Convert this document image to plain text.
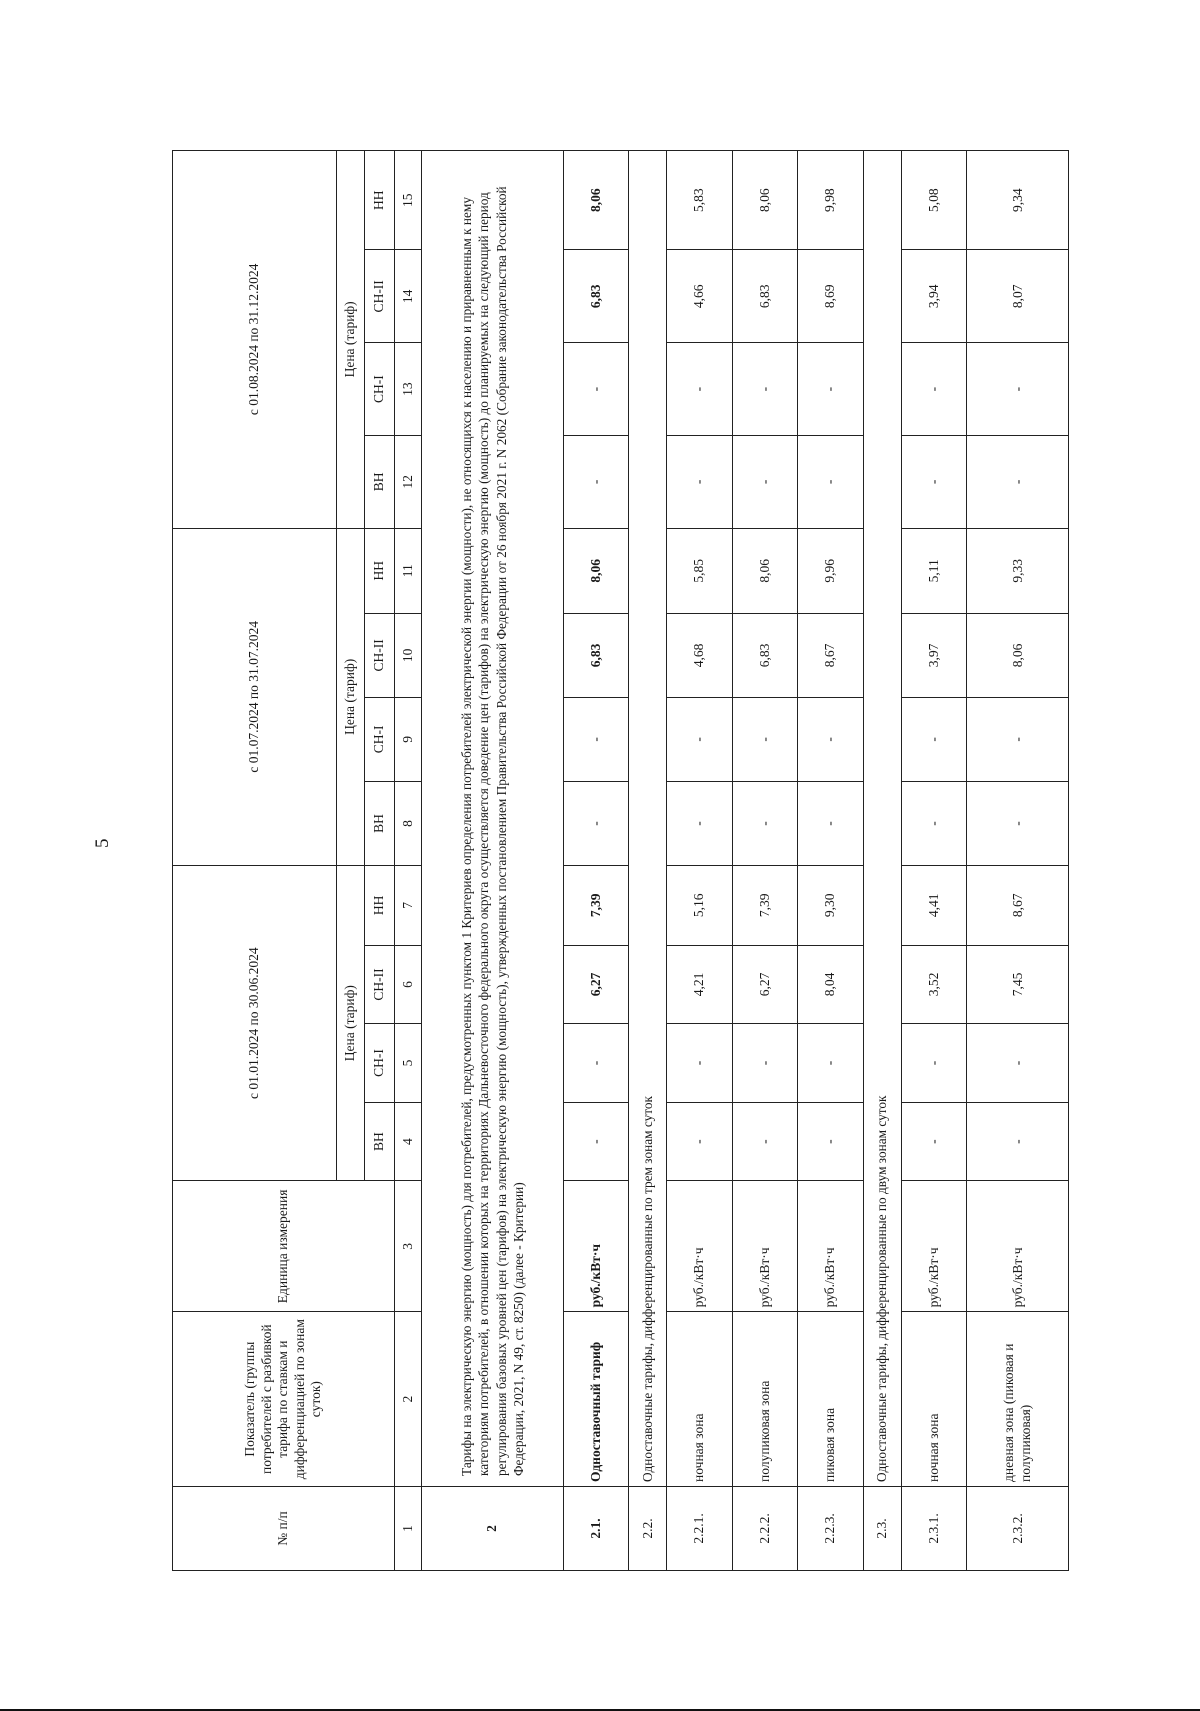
5
№ п/п	Показатель (группы потребителей с разбивкой тарифа по ставкам и дифференциацией по зонам суток)	Единица измерения	с 01.01.2024 по 30.06.2024				с 01.07.2024 по 31.07.2024				с 01.08.2024 по 31.12.2024			
			Цена (тариф)				Цена (тариф)				Цена (тариф)			
			ВН	СН-I	СН-II	НН	ВН	СН-I	СН-II	НН	ВН	СН-I	СН-II	НН
1	2	3	4	5	6	7	8	9	10	11	12	13	14	15
2	Тарифы на электрическую энергию (мощность) для потребителей, предусмотренных пунктом 1 Критериев определения потребителей электрической энергии (мощности), не относящихся к населению и приравненным к нему категориям потребителей, в отношении которых на территориях Дальневосточного федерального округа осуществляется доведение цен (тарифов) на электрическую энергию (мощность) до планируемых на следующий период регулирования базовых уровней цен (тарифов) на электрическую энергию (мощность), утвержденных постановлением Правительства Российской Федерации от 26 ноября 2021 г. N 2062 (Собрание законодательства Российской Федерации, 2021, N 49, ст. 8250) (далее - Критерии)													
2.1.	Одноставочный тариф	руб./кВт·ч	-	-	6,27	7,39	-	-	6,83	8,06	-	-	6,83	8,06
2.2.	Одноставочные тарифы, дифференцированные по трем зонам суток													
2.2.1.	ночная зона	руб./кВт·ч	-	-	4,21	5,16	-	-	4,68	5,85	-	-	4,66	5,83
2.2.2.	полупиковая зона	руб./кВт·ч	-	-	6,27	7,39	-	-	6,83	8,06	-	-	6,83	8,06
2.2.3.	пиковая зона	руб./кВт·ч	-	-	8,04	9,30	-	-	8,67	9,96	-	-	8,69	9,98
2.3.	Одноставочные тарифы, дифференцированные по двум зонам суток													
2.3.1.	ночная зона	руб./кВт·ч	-	-	3,52	4,41	-	-	3,97	5,11	-	-	3,94	5,08
2.3.2.	дневная зона (пиковая и полупиковая)	руб./кВт·ч	-	-	7,45	8,67	-	-	8,06	9,33	-	-	8,07	9,34
